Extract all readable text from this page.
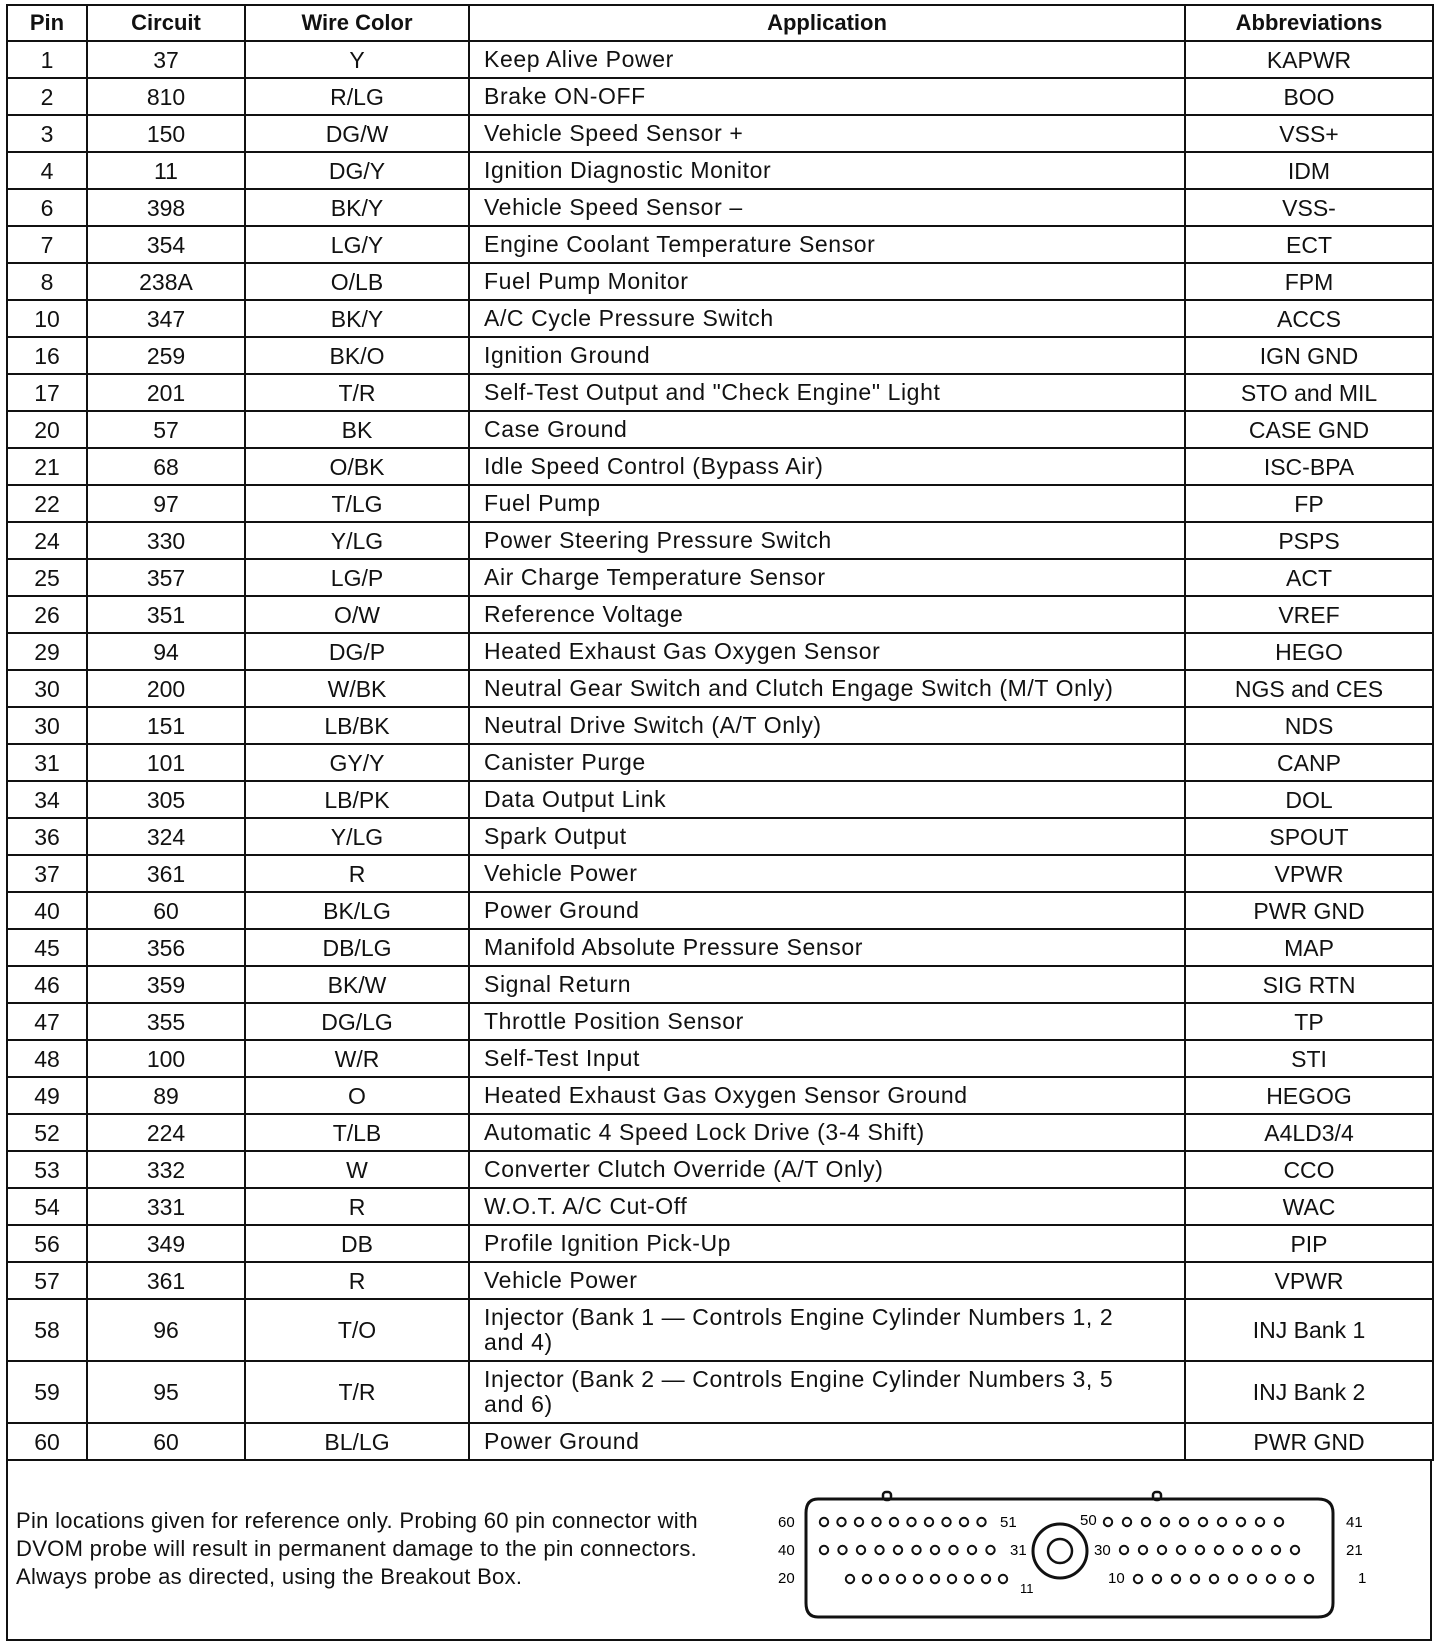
Pin	Circuit	Wire Color	Application	Abbreviations
1	37	Y	Keep Alive Power	KAPWR
2	810	R/LG	Brake ON-OFF	BOO
3	150	DG/W	Vehicle Speed Sensor +	VSS+
4	11	DG/Y	Ignition Diagnostic Monitor	IDM
6	398	BK/Y	Vehicle Speed Sensor –	VSS-
7	354	LG/Y	Engine Coolant Temperature Sensor	ECT
8	238A	O/LB	Fuel Pump Monitor	FPM
10	347	BK/Y	A/C Cycle Pressure Switch	ACCS
16	259	BK/O	Ignition Ground	IGN GND
17	201	T/R	Self-Test Output and "Check Engine" Light	STO and MIL
20	57	BK	Case Ground	CASE GND
21	68	O/BK	Idle Speed Control (Bypass Air)	ISC-BPA
22	97	T/LG	Fuel Pump	FP
24	330	Y/LG	Power Steering Pressure Switch	PSPS
25	357	LG/P	Air Charge Temperature Sensor	ACT
26	351	O/W	Reference Voltage	VREF
29	94	DG/P	Heated Exhaust Gas Oxygen Sensor	HEGO
30	200	W/BK	Neutral Gear Switch and Clutch Engage Switch (M/T Only)	NGS and CES
30	151	LB/BK	Neutral Drive Switch (A/T Only)	NDS
31	101	GY/Y	Canister Purge	CANP
34	305	LB/PK	Data Output Link	DOL
36	324	Y/LG	Spark Output	SPOUT
37	361	R	Vehicle Power	VPWR
40	60	BK/LG	Power Ground	PWR GND
45	356	DB/LG	Manifold Absolute Pressure Sensor	MAP
46	359	BK/W	Signal Return	SIG RTN
47	355	DG/LG	Throttle Position Sensor	TP
48	100	W/R	Self-Test Input	STI
49	89	O	Heated Exhaust Gas Oxygen Sensor Ground	HEGOG
52	224	T/LB	Automatic 4 Speed Lock Drive (3-4 Shift)	A4LD3/4
53	332	W	Converter Clutch Override (A/T Only)	CCO
54	331	R	W.O.T. A/C Cut-Off	WAC
56	349	DB	Profile Ignition Pick-Up	PIP
57	361	R	Vehicle Power	VPWR
58	96	T/O	Injector (Bank 1 — Controls Engine Cylinder Numbers 1, 2 and 4)	INJ Bank 1
59	95	T/R	Injector (Bank 2 — Controls Engine Cylinder Numbers 3, 5 and 6)	INJ Bank 2
60	60	BL/LG	Power Ground	PWR GND
Pin locations given for reference only. Probing 60 pin connector with DVOM probe will result in permanent damage to the pin connectors. Always probe as directed, using the Breakout Box.
60
40
20
41
21
1
51	50
31	30
11
10
